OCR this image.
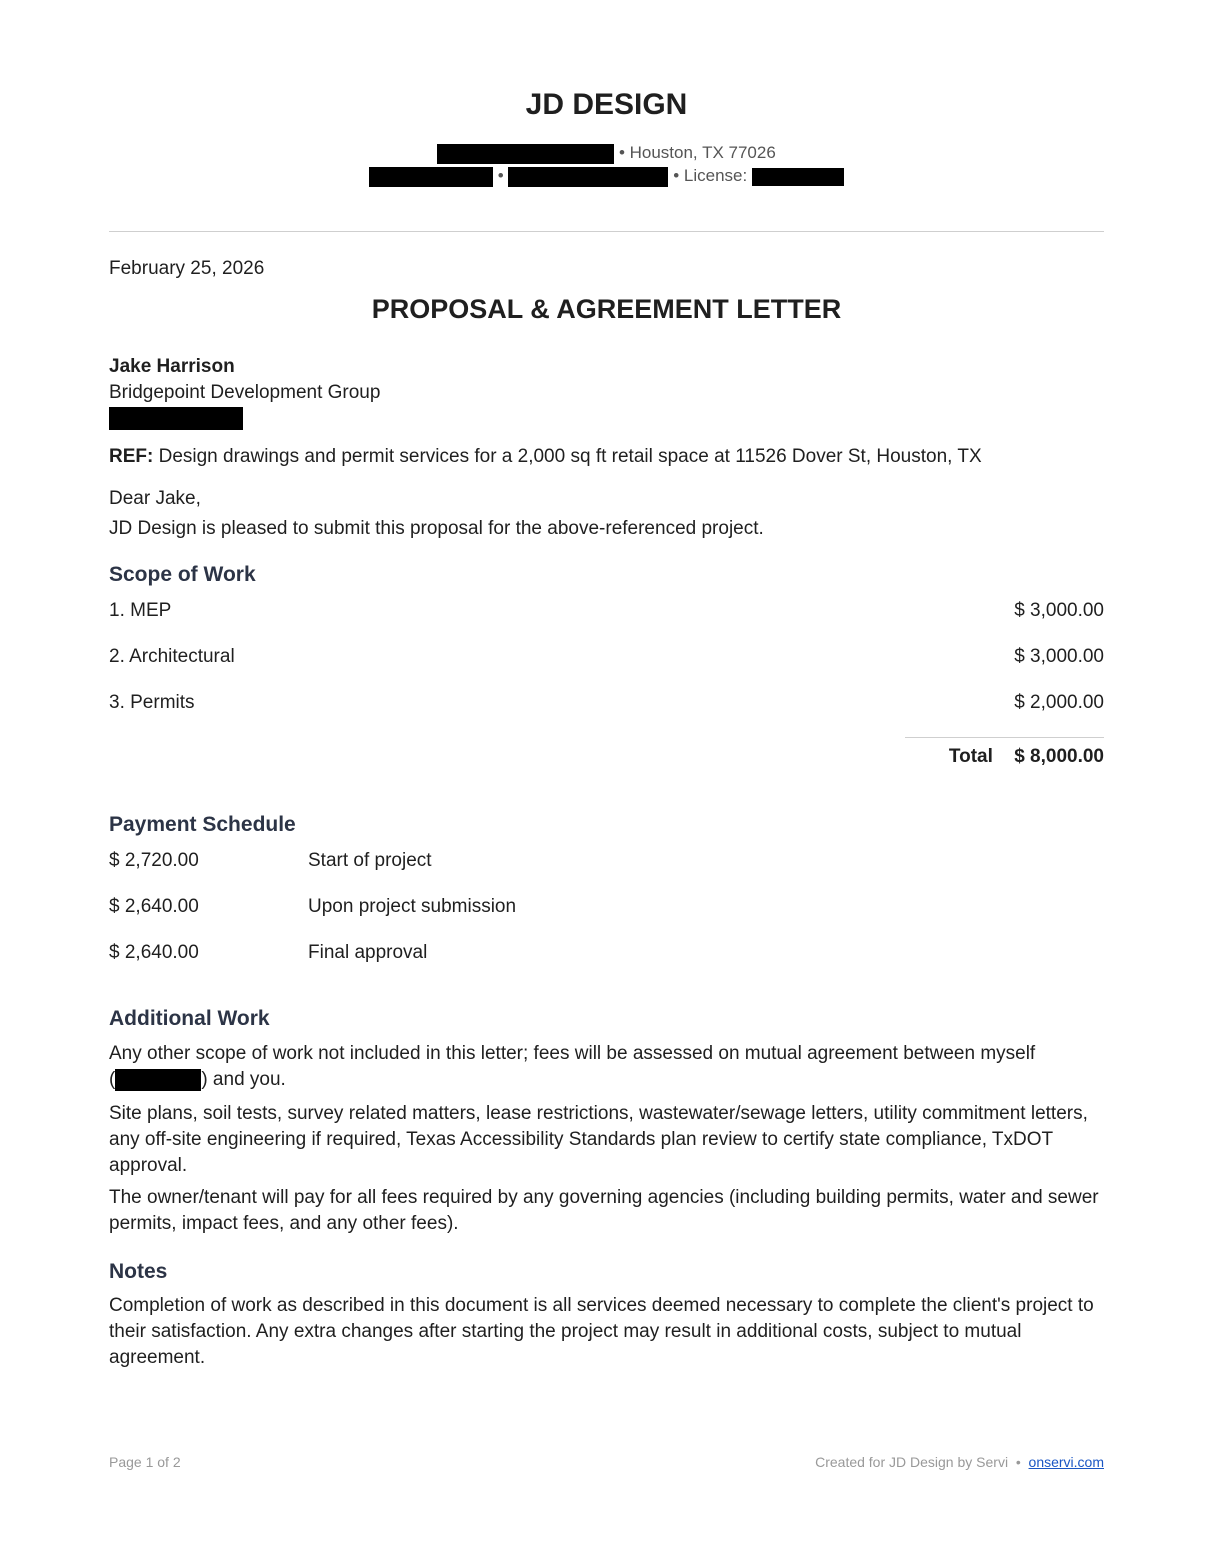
JD DESIGN
• Houston, TX 77026
•	• License:
February 25, 2026
PROPOSAL & AGREEMENT LETTER
Jake Harrison
Bridgepoint Development Group
REF: Design drawings and permit services for a 2,000 sq ft retail space at 11526 Dover St, Houston, TX
Dear Jake,
JD Design is pleased to submit this proposal for the above-referenced project.
Scope of Work
1. MEP	$ 3,000.00
2. Architectural	$ 3,000.00
3. Permits	$ 2,000.00
Total $ 8,000.00
Payment Schedule
$ 2,720.00	Start of project
$ 2,640.00	Upon project submission
$ 2,640.00	Final approval
Additional Work
Any other scope of work not included in this letter; fees will be assessed on mutual agreement between myself
(	) and you.
Site plans, soil tests, survey related matters, lease restrictions, wastewater/sewage letters, utility commitment letters, any off-site engineering if required, Texas Accessibility Standards plan review to certify state compliance, TxDOT approval.
The owner/tenant will pay for all fees required by any governing agencies (including building permits, water and sewer permits, impact fees, and any other fees).
Notes
Completion of work as described in this document is all services deemed necessary to complete the client's project to their satisfaction. Any extra changes after starting the project may result in additional costs, subject to mutual agreement.
Page 1 of 2	Created for JD Design by Servi • onservi.com
